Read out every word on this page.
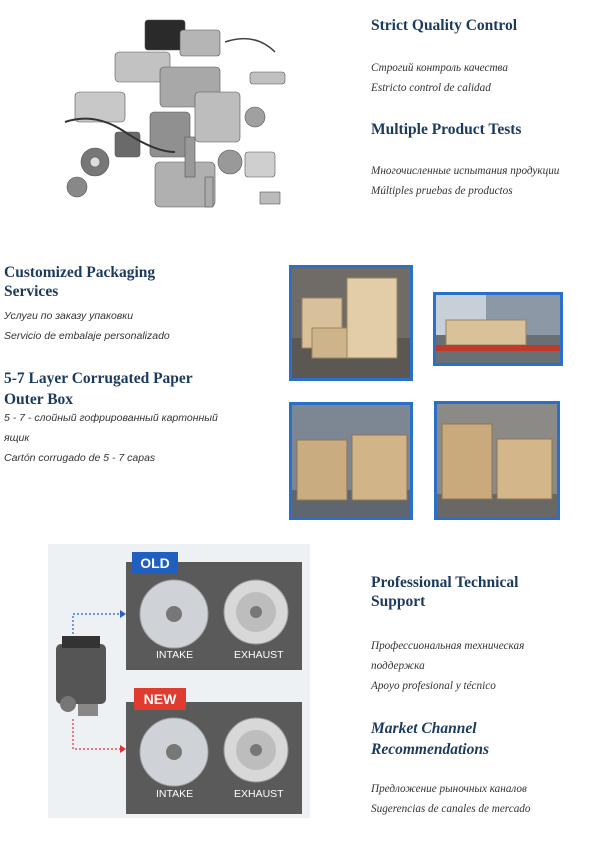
Strict Quality Control

Строгий контроль качества

Estricto control de calidad

Multiple Product Tests

Многочисленные испытания продукции

Múltiples pruebas de productos

Customized Packaging
Services

Услуги по заказу упаковки

Servicio de embalaje personalizado

5-7 Layer Corrugated Paper
Outer Box

5 - 7 - слойный гофрированный картонный

ящик

Cartón corrugado de 5 - 7 capas

OLD
NEW
INTAKE	EXHAUST
INTAKE	EXHAUST
Professional Technical
Support

Профессиональная техническая

поддержка

Apoyo profesional y técnico

Market Channel
Recommendations

Предложение рыночных каналов

Sugerencias de canales de mercado
